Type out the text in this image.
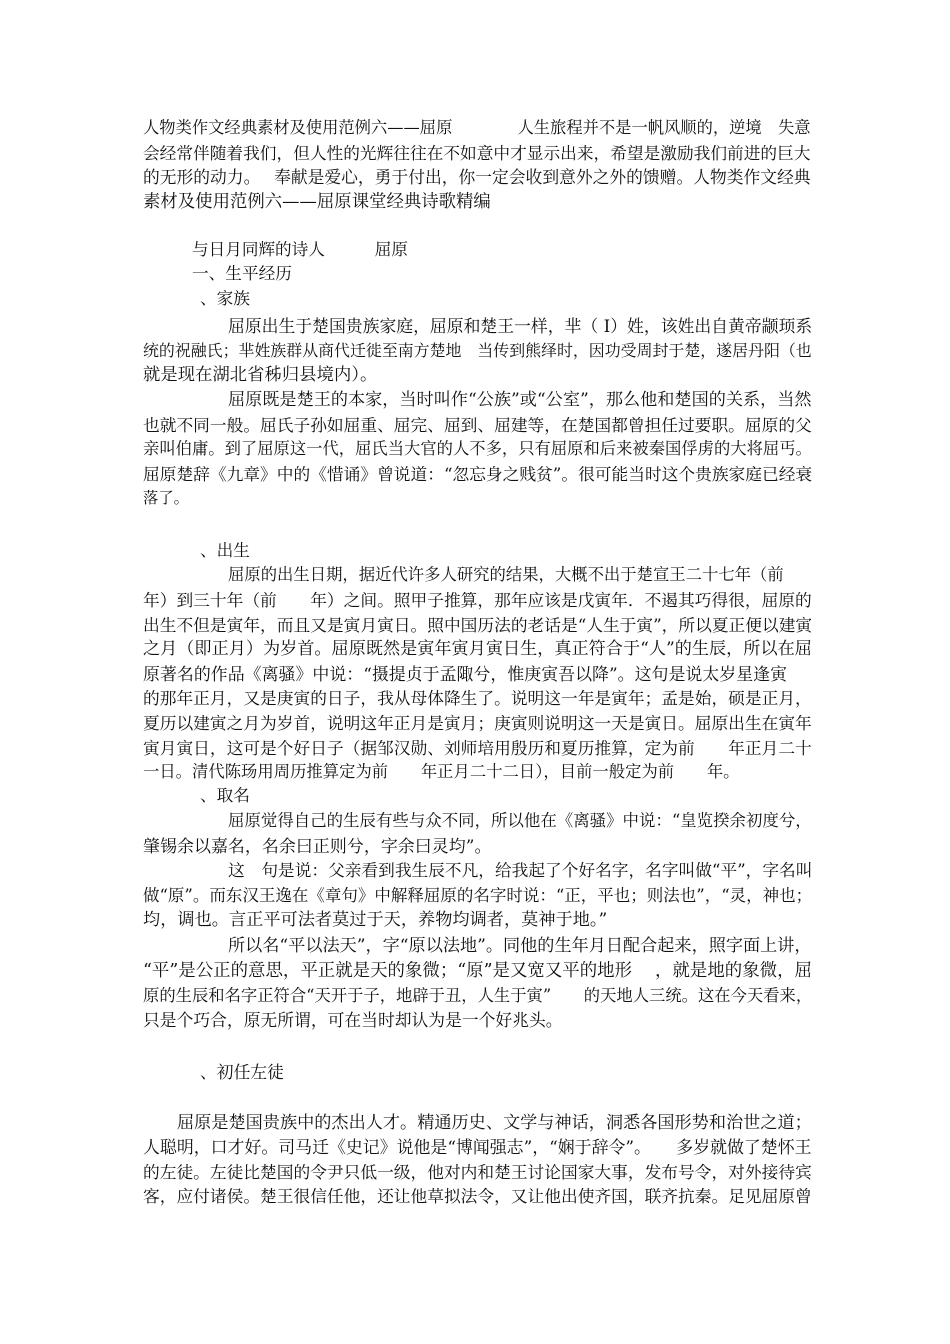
人物类作文经典素材及使用范例六——屈原　　　　人生旅程并不是一帆风顺的，逆境　失意
会经常伴随着我们，但人性的光辉往往在不如意中才显示出来，希望是激励我们前进的巨大
的无形的动力。　 奉献是爱心，勇于付出，你一定会收到意外之外的馈赠。人物类作文经典
素材及使用范例六——屈原课堂经典诗歌精编
与日月同辉的诗人　　　屈原
一、生平经历
、家族
屈原出生于楚国贵族家庭，屈原和楚王一样，芈（ I）姓，该姓出自黄帝颛顼系
统的祝融氏；芈姓族群从商代迁徙至南方楚地　当传到熊绎时，因功受周封于楚，遂居丹阳（也
就是现在湖北省秭归县境内）。
屈原既是楚王的本家，当时叫作“公族”或“公室”，那么他和楚国的关系，当然
也就不同一般。屈氏子孙如屈重、屈完、屈到、屈建等，在楚国都曾担任过要职。屈原的父
亲叫伯庸。到了屈原这一代，屈氏当大官的人不多，只有屈原和后来被秦国俘虏的大将屈丐。
屈原楚辞《九章》中的《惜诵》曾说道：“忽忘身之贱贫”。很可能当时这个贵族家庭已经衰
落了。
、出生
屈原的出生日期，据近代许多人研究的结果，大概不出于楚宣王二十七年（前
年）到三十年（前　　年）之间。照甲子推算，那年应该是戊寅年．不遏其巧得很，屈原的
出生不但是寅年，而且又是寅月寅日。照中国历法的老话是“人生于寅”，所以夏正便以建寅
之月（即正月）为岁首。屈原既然是寅年寅月寅日生，真正符合于“人”的生辰，所以在屈
原著名的作品《离骚》中说：“摄提贞于孟陬兮，惟庚寅吾以降”。这句是说太岁星逢寅
的那年正月，又是庚寅的日子，我从母体降生了。说明这一年是寅年；孟是始，硕是正月，
夏历以建寅之月为岁首，说明这年正月是寅月；庚寅则说明这一天是寅日。屈原出生在寅年
寅月寅日，这可是个好日子（据邹汉勋、刘师培用殷历和夏历推算，定为前　　年正月二十
一日。清代陈玚用周历推算定为前　　年正月二十二日），目前一般定为前　　年。
、取名
屈原觉得自己的生辰有些与众不同，所以他在《离骚》中说：“皇览揆余初度兮，
肇锡余以嘉名，名余曰正则兮，字余曰灵均”。
这　句是说：父亲看到我生辰不凡，给我起了个好名字，名字叫做“平”，字名叫
做“原”。而东汉王逸在《章句》中解释屈原的名字时说：“正，平也；则法也”，“灵，神也；
均，调也。言正平可法者莫过于天，养物均调者，莫神于地。”
所以名“平以法天”，字“原以法地”。同他的生年月日配合起来，照字面上讲，
“平”是公正的意思，平正就是天的象微；“原”是又宽又平的地形　 ，就是地的象微，屈
原的生辰和名字正符合“天开于子，地辟于丑，人生于寅”　　的天地人三统。这在今天看来，
只是个巧合，原无所谓，可在当时却认为是一个好兆头。
、初任左徒
屈原是楚国贵族中的杰出人才。精通历史、文学与神话，洞悉各国形势和治世之道；
人聪明，口才好。司马迁《史记》说他是“博闻强志”，“娴于辞令”。　　多岁就做了楚怀王
的左徒。左徒比楚国的令尹只低一级，他对内和楚王讨论国家大事，发布号令，对外接待宾
客，应付诸侯。楚王很信任他，还让他草拟法令，又让他出使齐国，联齐抗秦。足见屈原曾
